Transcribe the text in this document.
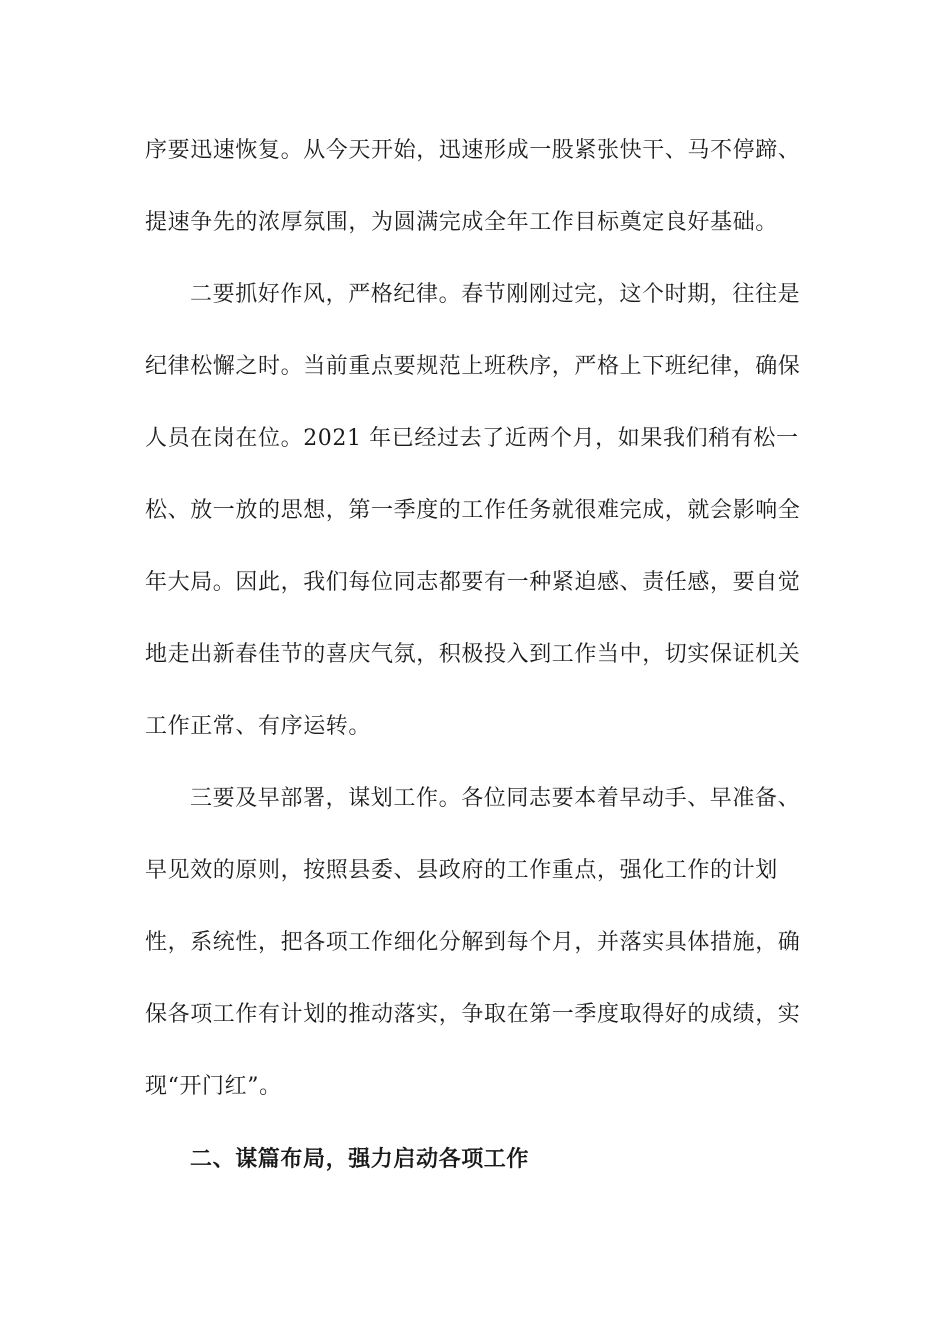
序要迅速恢复。从今天开始，迅速形成一股紧张快干、马不停蹄、
提速争先的浓厚氛围，为圆满完成全年工作目标奠定良好基础。
二要抓好作风，严格纪律。春节刚刚过完，这个时期，往往是
纪律松懈之时。当前重点要规范上班秩序，严格上下班纪律，确保
人员在岗在位。2021 年已经过去了近两个月，如果我们稍有松一
松、放一放的思想，第一季度的工作任务就很难完成，就会影响全
年大局。因此，我们每位同志都要有一种紧迫感、责任感，要自觉
地走出新春佳节的喜庆气氛，积极投入到工作当中，切实保证机关
工作正常、有序运转。
三要及早部署，谋划工作。各位同志要本着早动手、早准备、
早见效的原则，按照县委、县政府的工作重点，强化工作的计划
性，系统性，把各项工作细化分解到每个月，并落实具体措施，确
保各项工作有计划的推动落实，争取在第一季度取得好的成绩，实
现“开门红”。
二、谋篇布局，强力启动各项工作
